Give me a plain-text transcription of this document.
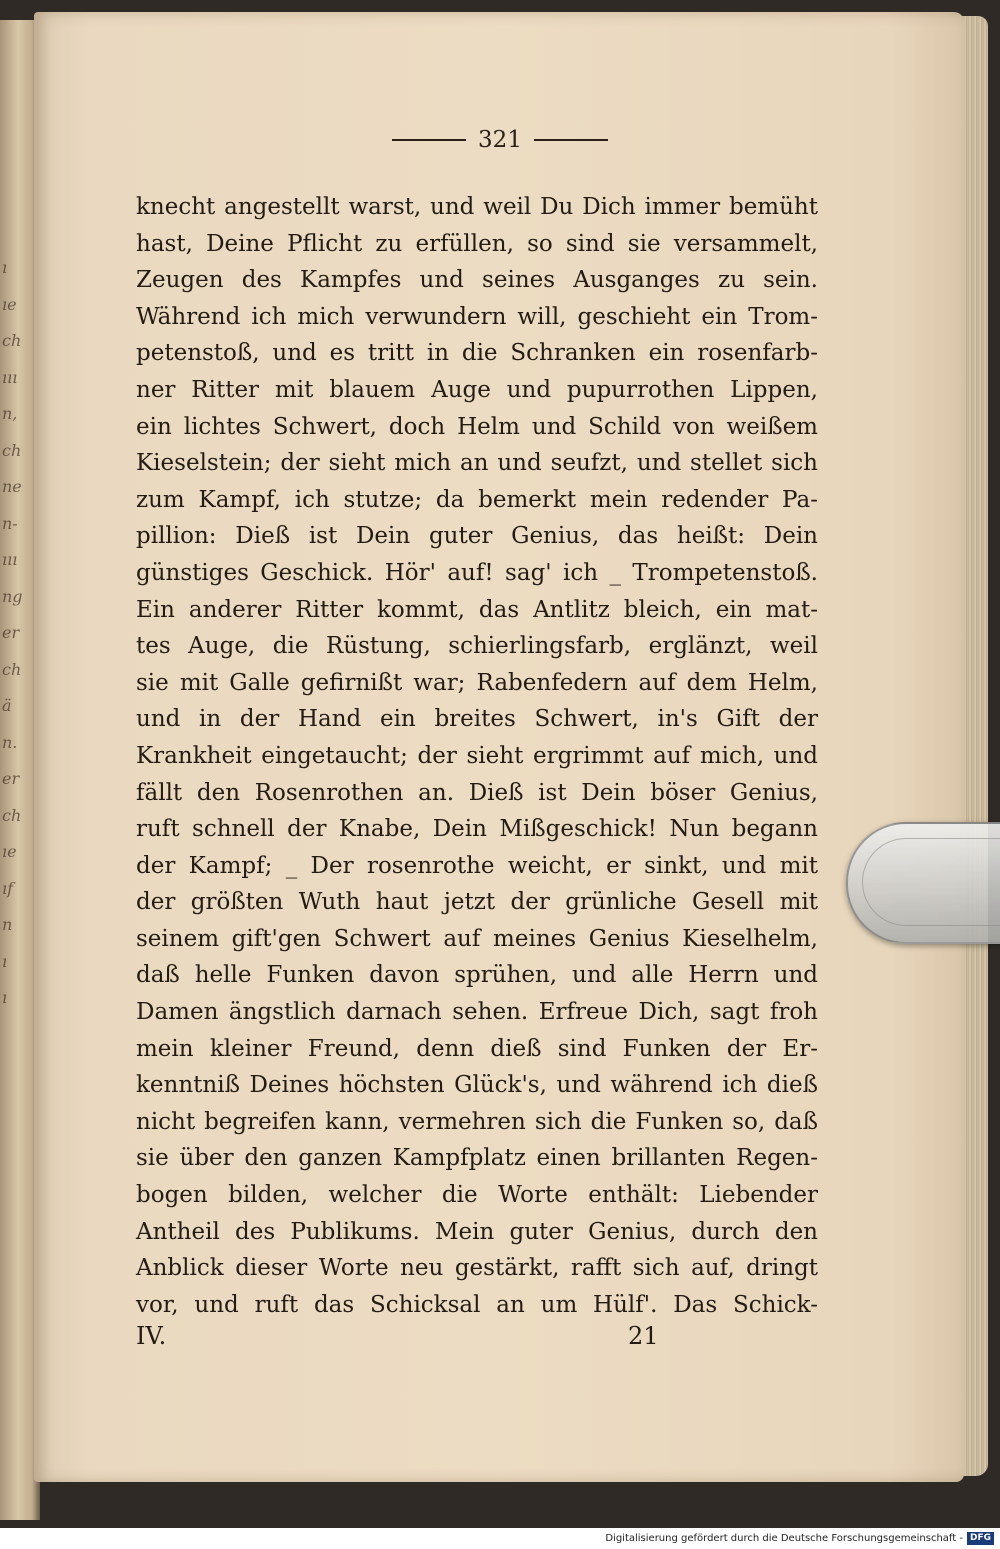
ı
ıe
ch
ııı
n,
ch
ne
n-
ııı
ng
er
ch
ä
n.
er
ch
ıe
ıf
n
ı
ı
321
knecht angestellt warst, und weil Du Dich immer bemüht
hast, Deine Pflicht zu erfüllen, so sind sie versammelt,
Zeugen des Kampfes und seines Ausganges zu sein.
Während ich mich verwundern will, geschieht ein Trom-
petenstoß, und es tritt in die Schranken ein rosenfarb-
ner Ritter mit blauem Auge und pupurrothen Lippen,
ein lichtes Schwert, doch Helm und Schild von weißem
Kieselstein; der sieht mich an und seufzt, und stellet sich
zum Kampf, ich stutze; da bemerkt mein redender Pa-
pillion: Dieß ist Dein guter Genius, das heißt: Dein
günstiges Geschick. Hör' auf! sag' ich _ Trompetenstoß.
Ein anderer Ritter kommt, das Antlitz bleich, ein mat-
tes Auge, die Rüstung, schierlingsfarb, erglänzt, weil
sie mit Galle gefirnißt war; Rabenfedern auf dem Helm,
und in der Hand ein breites Schwert, in's Gift der
Krankheit eingetaucht; der sieht ergrimmt auf mich, und
fällt den Rosenrothen an. Dieß ist Dein böser Genius,
ruft schnell der Knabe, Dein Mißgeschick! Nun begann
der Kampf; _ Der rosenrothe weicht, er sinkt, und mit
der größten Wuth haut jetzt der grünliche Gesell mit
seinem gift'gen Schwert auf meines Genius Kieselhelm,
daß helle Funken davon sprühen, und alle Herrn und
Damen ängstlich darnach sehen. Erfreue Dich, sagt froh
mein kleiner Freund, denn dieß sind Funken der Er-
kenntniß Deines höchsten Glück's, und während ich dieß
nicht begreifen kann, vermehren sich die Funken so, daß
sie über den ganzen Kampfplatz einen brillanten Regen-
bogen bilden, welcher die Worte enthält: Liebender
Antheil des Publikums. Mein guter Genius, durch den
Anblick dieser Worte neu gestärkt, rafft sich auf, dringt
vor, und ruft das Schicksal an um Hülf'. Das Schick-
IV.	21
Digitalisierung gefördert durch die Deutsche Forschungsgemeinschaft - DFG
